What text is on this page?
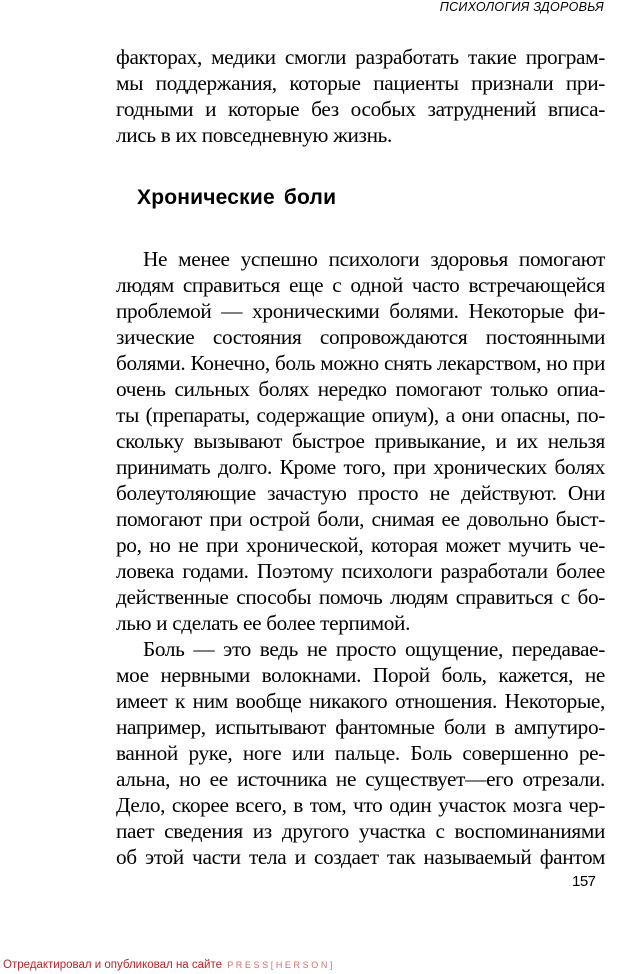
ПСИХОЛОГИЯ ЗДОРОВЬЯ
факторах, медики смогли разработать такие програм-
мы поддержания, которые пациенты признали при-
годными и которые без особых затруднений вписа-
лись в их повседневную жизнь.
Хронические боли
Не менее успешно психологи здоровья помогают
людям справиться еще с одной часто встречающейся
проблемой — хроническими болями. Некоторые фи-
зические состояния сопровождаются постоянными
болями. Конечно, боль можно снять лекарством, но при
очень сильных болях нередко помогают только опиа-
ты (препараты, содержащие опиум), а они опасны, по-
скольку вызывают быстрое привыкание, и их нельзя
принимать долго. Кроме того, при хронических болях
болеутоляющие зачастую просто не действуют. Они
помогают при острой боли, снимая ее довольно быст-
ро, но не при хронической, которая может мучить че-
ловека годами. Поэтому психологи разработали более
действенные способы помочь людям справиться с бо-
лью и сделать ее более терпимой.
Боль — это ведь не просто ощущение, передавае-
мое нервными волокнами. Порой боль, кажется, не
имеет к ним вообще никакого отношения. Некоторые,
например, испытывают фантомные боли в ампутиро-
ванной руке, ноге или пальце. Боль совершенно ре-
альна, но ее источника не существует—его отрезали.
Дело, скорее всего, в том, что один участок мозга чер-
пает сведения из другого участка с воспоминаниями
об этой части тела и создает так называемый фантом
157
Отредактировал и опубликовал на сайте PRESS[HERSON]
